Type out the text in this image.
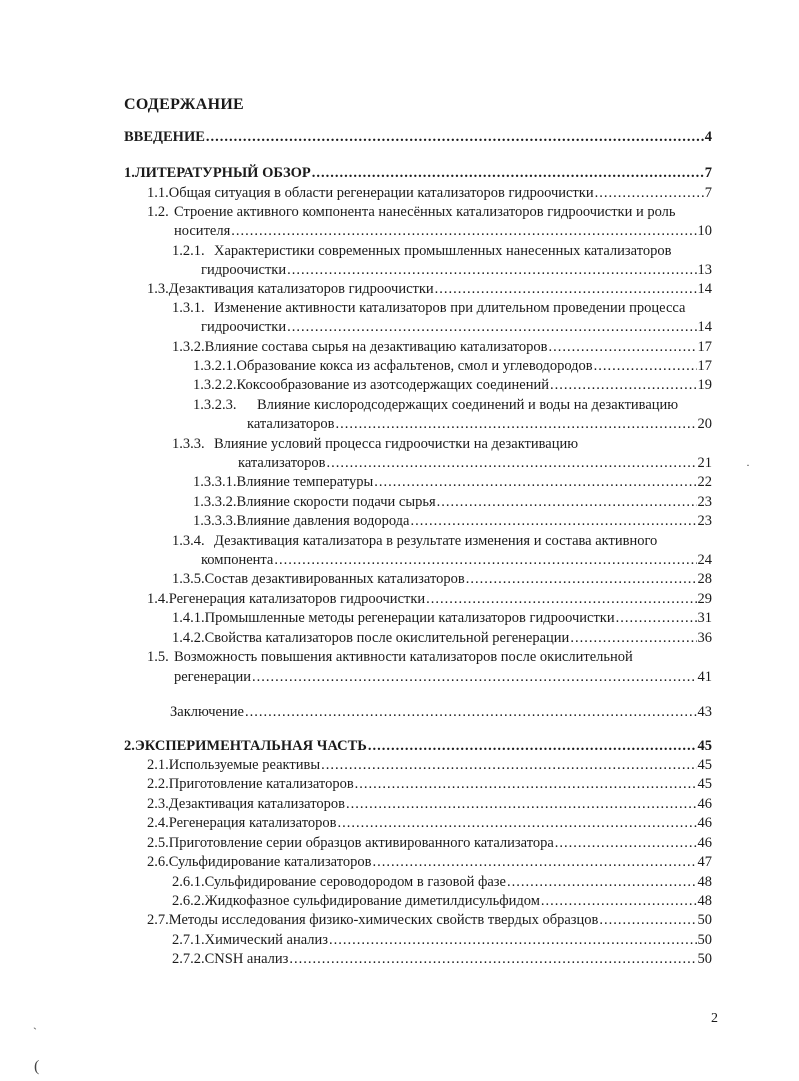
СОДЕРЖАНИЕ
ВВЕДЕНИЕ .....	4
1. ЛИТЕРАТУРНЫЙ ОБЗОР .....	7
1.1. Общая ситуация в области регенерации катализаторов гидроочистки .....	7
1.2. Строение активного компонента нанесённых катализаторов гидроочистки и роль
носителя .....	10
1.2.1. Характеристики современных промышленных нанесенных катализаторов
гидроочистки .....	13
1.3. Дезактивация катализаторов гидроочистки .....	14
1.3.1. Изменение активности катализаторов при длительном проведении процесса
гидроочистки .....	14
1.3.2. Влияние состава сырья на дезактивацию катализаторов .....	17
1.3.2.1. Образование кокса из асфальтенов, смол и углеводородов .....	17
1.3.2.2. Коксообразование из азотсодержащих соединений .....	19
1.3.2.3.	Влияние кислородсодержащих соединений и воды на дезактивацию
катализаторов .....	20
1.3.3. Влияние условий процесса гидроочистки на дезактивацию
катализаторов .....	21
1.3.3.1. Влияние температуры .....	22
1.3.3.2. Влияние скорости подачи сырья .....	23
1.3.3.3. Влияние давления водорода .....	23
1.3.4. Дезактивация катализатора в результате изменения и состава активного
компонента .....	24
1.3.5. Состав дезактивированных катализаторов .....	28
1.4. Регенерация катализаторов гидроочистки .....	29
1.4.1. Промышленные методы регенерации катализаторов гидроочистки .....	31
1.4.2. Свойства катализаторов после окислительной регенерации .....	36
1.5. Возможность повышения активности катализаторов после окислительной
регенерации .....	41
Заключение .....	43
2. ЭКСПЕРИМЕНТАЛЬНАЯ ЧАСТЬ .....	45
2.1. Используемые реактивы .....	45
2.2. Приготовление катализаторов .....	45
2.3. Дезактивация катализаторов .....	46
2.4. Регенерация катализаторов .....	46
2.5. Приготовление серии образцов активированного катализатора .....	46
2.6. Сульфидирование катализаторов .....	47
2.6.1. Сульфидирование сероводородом в газовой фазе .....	48
2.6.2. Жидкофазное сульфидирование диметилдисульфидом .....	48
2.7. Методы исследования физико-химических свойств твердых образцов .....	50
2.7.1. Химический анализ .....	50
2.7.2. CNSH анализ .....	50
2
·
ˎ
(
